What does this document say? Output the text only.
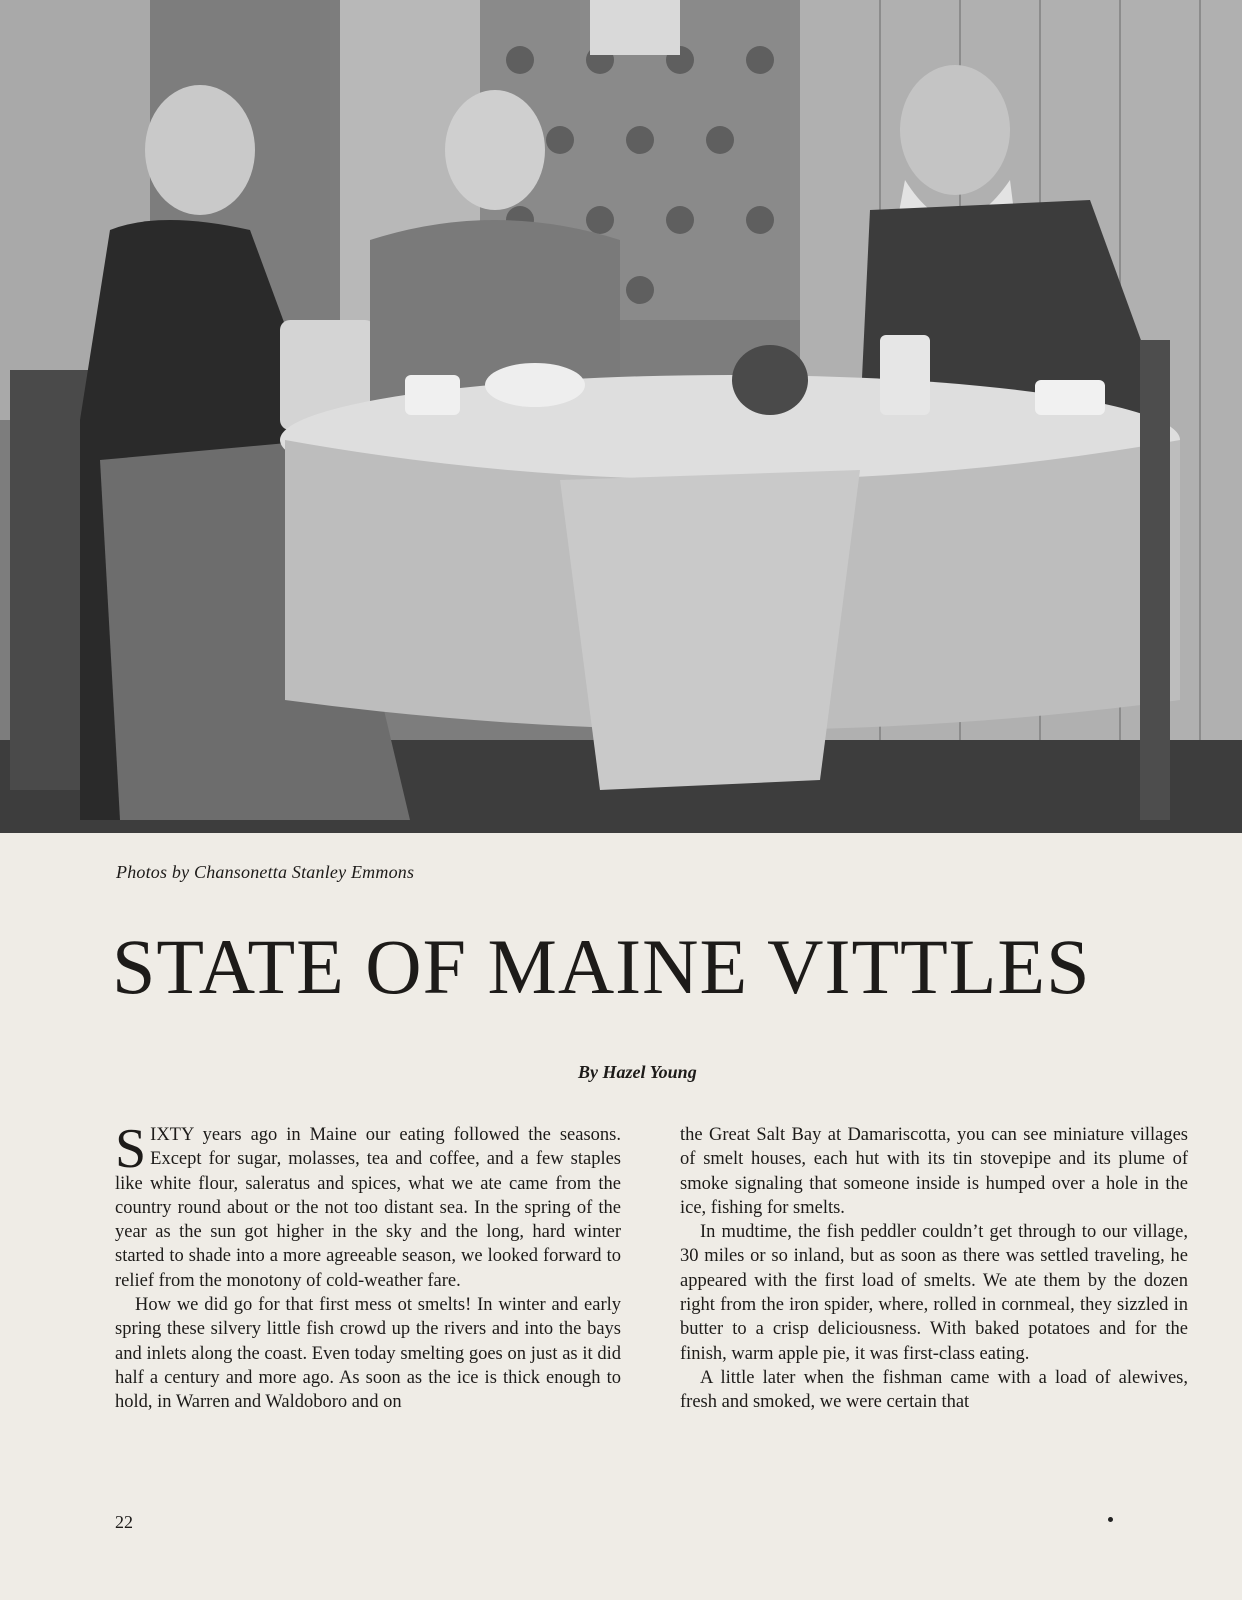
Photos by Chansonetta Stanley Emmons
STATE OF MAINE VITTLES
By Hazel Young

SIXTY years ago in Maine our eating followed the seasons. Except for sugar, molasses, tea and coffee, and a few staples like white flour, saleratus and spices, what we ate came from the country round about or the not too distant sea. In the spring of the year as the sun got higher in the sky and the long, hard winter started to shade into a more agreeable season, we looked forward to relief from the monotony of cold-weather fare.

How we did go for that first mess ot smelts! In winter and early spring these silvery little fish crowd up the rivers and into the bays and inlets along the coast. Even today smelting goes on just as it did half a century and more ago. As soon as the ice is thick enough to hold, in Warren and Waldoboro and on

the Great Salt Bay at Damariscotta, you can see miniature villages of smelt houses, each hut with its tin stovepipe and its plume of smoke signaling that someone inside is humped over a hole in the ice, fishing for smelts.

In mudtime, the fish peddler couldn’t get through to our village, 30 miles or so inland, but as soon as there was settled traveling, he appeared with the first load of smelts. We ate them by the dozen right from the iron spider, where, rolled in cornmeal, they sizzled in butter to a crisp deliciousness. With baked potatoes and for the finish, warm apple pie, it was first-class eating.

A little later when the fishman came with a load of alewives, fresh and smoked, we were certain that

22
